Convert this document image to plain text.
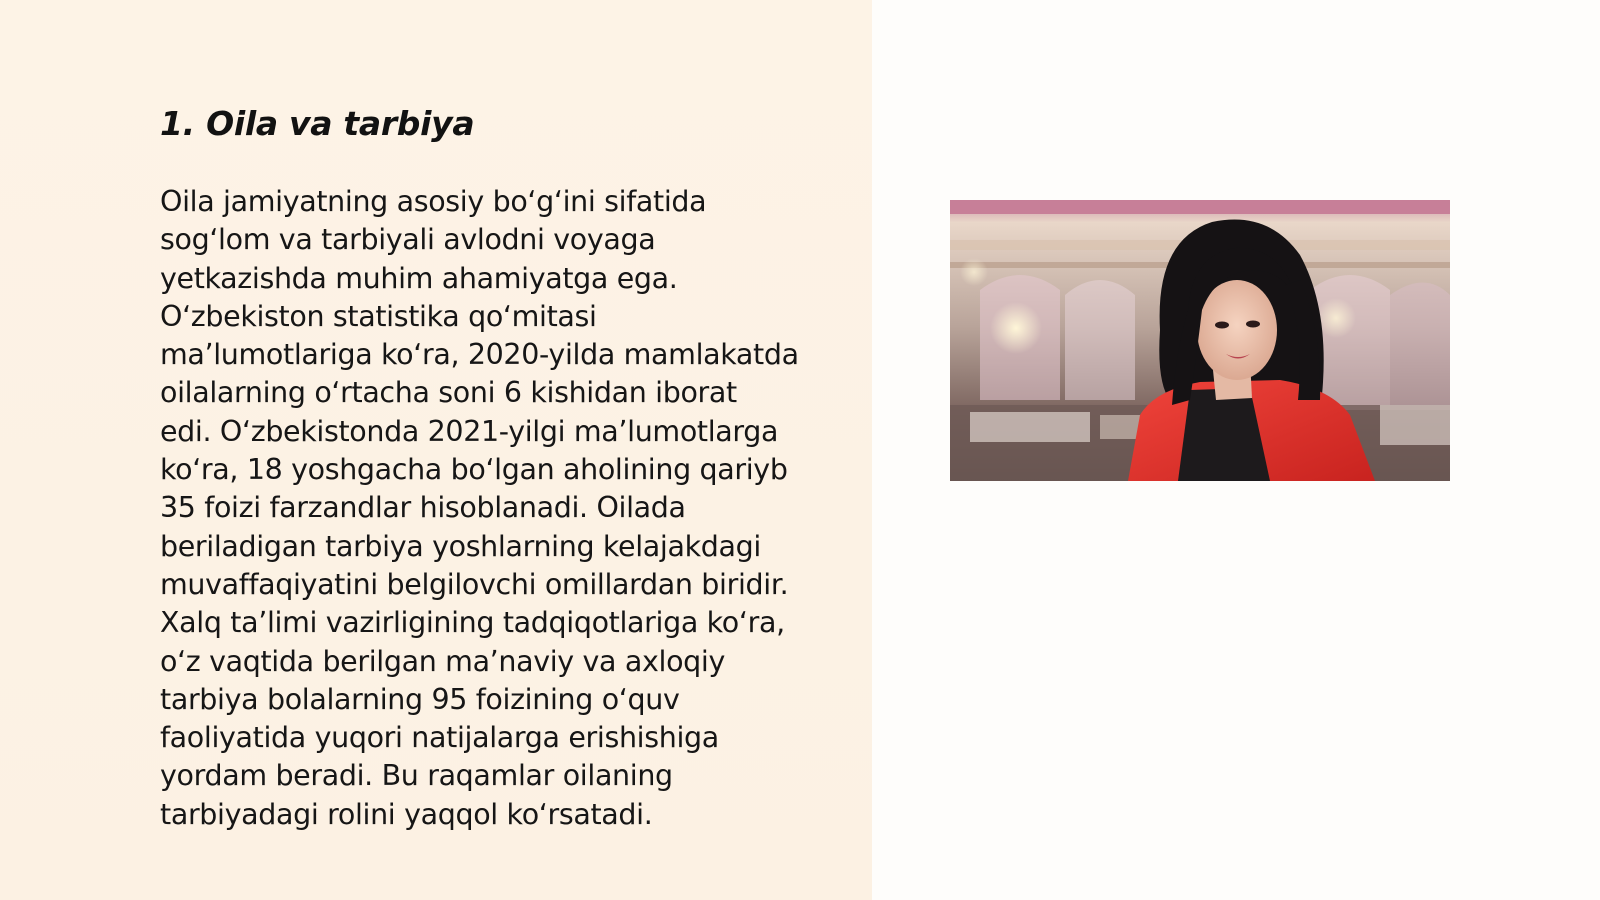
1. Oila va tarbiya

Oila jamiyatning asosiy boʻgʻini sifatida
sogʻlom va tarbiyali avlodni voyaga
yetkazishda muhim ahamiyatga ega.
Oʻzbekiston statistika qoʻmitasi
maʼlumotlariga koʻra, 2020-yilda mamlakatda
oilalarning oʻrtacha soni 6 kishidan iborat
edi. Oʻzbekistonda 2021-yilgi maʼlumotlarga
koʻra, 18 yoshgacha boʻlgan aholining qariyb
35 foizi farzandlar hisoblanadi. Oilada
beriladigan tarbiya yoshlarning kelajakdagi
muvaffaqiyatini belgilovchi omillardan biridir.
Xalq taʼlimi vazirligining tadqiqotlariga koʻra,
oʻz vaqtida berilgan maʼnaviy va axloqiy
tarbiya bolalarning 95 foizining oʻquv
faoliyatida yuqori natijalarga erishishiga
yordam beradi. Bu raqamlar oilaning
tarbiyadagi rolini yaqqol koʻrsatadi.
